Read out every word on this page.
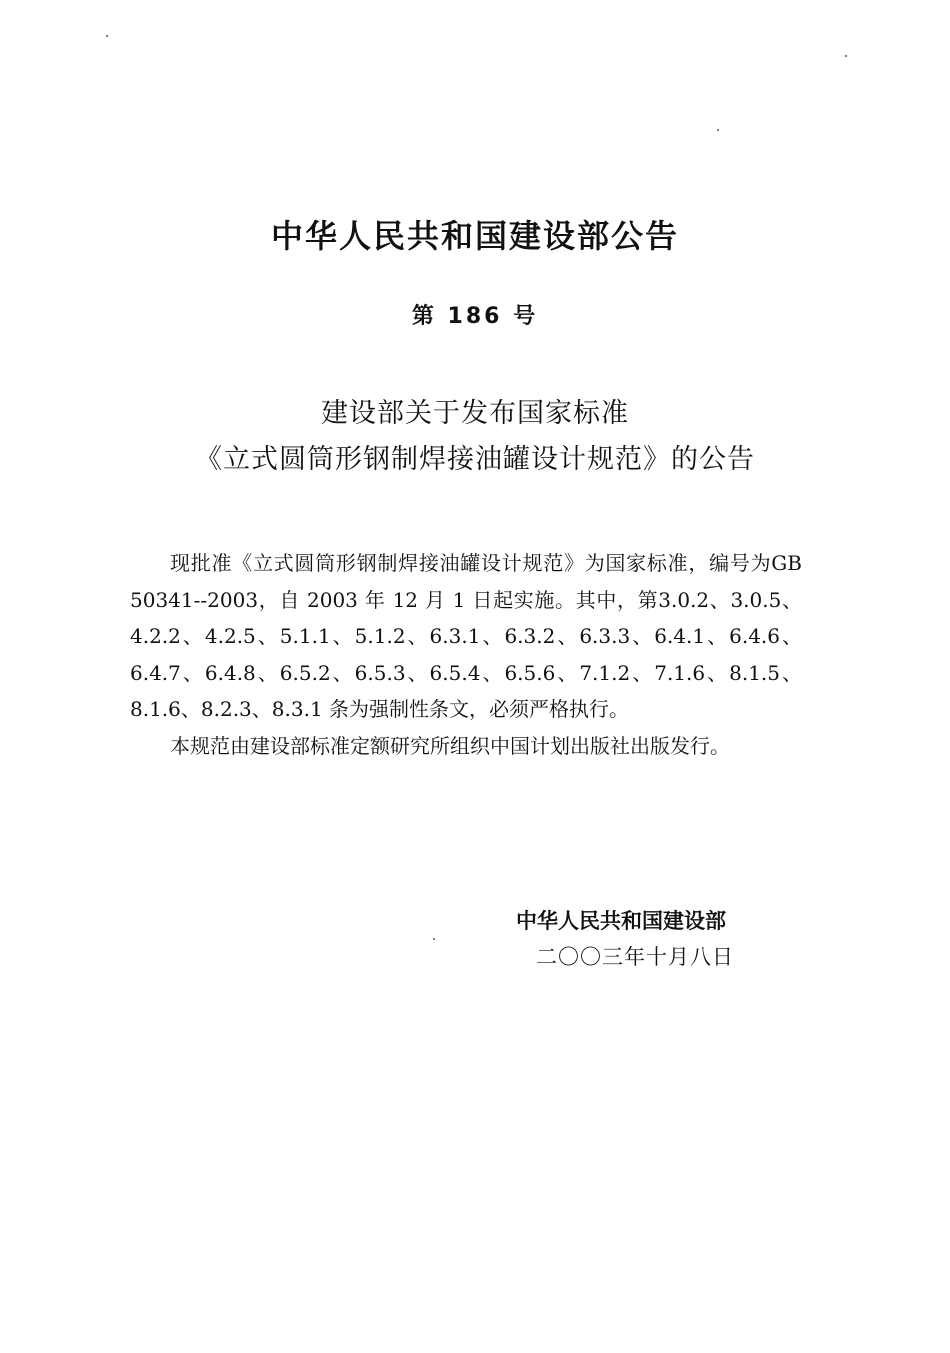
中华人民共和国建设部公告
第 186 号
建设部关于发布国家标准
《立式圆筒形钢制焊接油罐设计规范》的公告

现批准《立式圆筒形钢制焊接油罐设计规范》为国家标准，编号为GB 50341--2003，自 2003 年 12 月 1 日起实施。其中，第3.0.2、3.0.5、4.2.2、4.2.5、5.1.1、5.1.2、6.3.1、6.3.2、6.3.3、6.4.1、6.4.6、6.4.7、6.4.8、6.5.2、6.5.3、6.5.4、6.5.6、7.1.2、7.1.6、8.1.5、8.1.6、8.2.3、8.3.1 条为强制性条文，必须严格执行。

本规范由建设部标准定额研究所组织中国计划出版社出版发行。

中华人民共和国建设部
二〇〇三年十月八日
